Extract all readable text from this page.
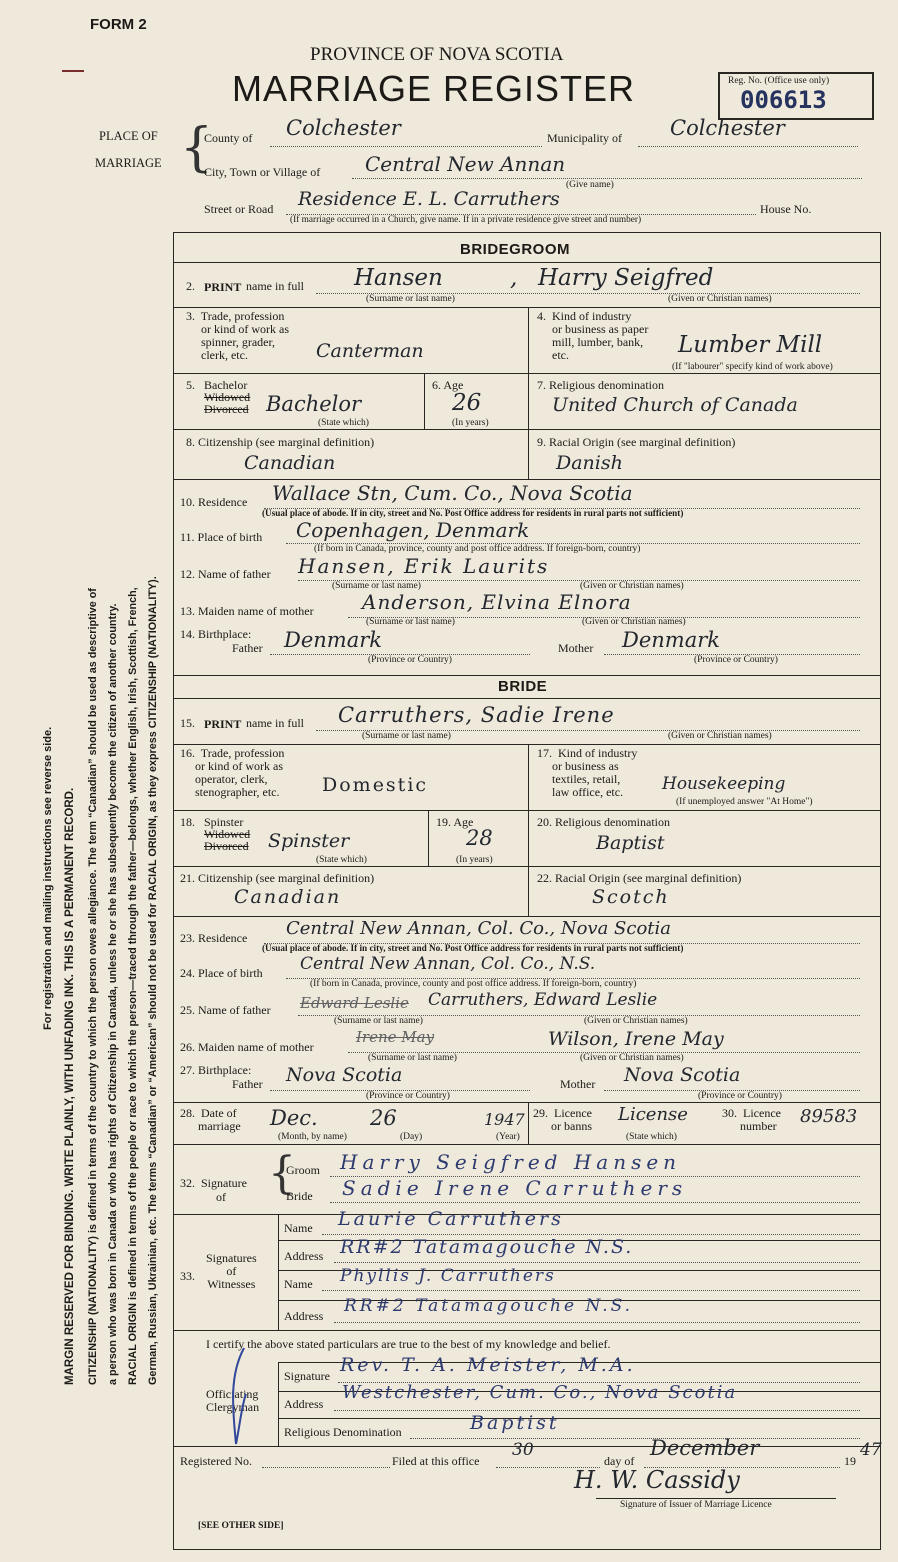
For registration and mailing instructions see reverse side. MARGIN RESERVED FOR BINDING. WRITE PLAINLY, WITH UNFADING INK. THIS IS A PERMANENT RECORD. CITIZENSHIP (NATIONALITY) is defined in terms of the country to which the person owes allegiance. The term “Canadian” should be used as descriptive of a person who was born in Canada or who has rights of Citizenship in Canada, unless he or she has subsequently become the citizen of another country. RACIAL ORIGIN is defined in terms of the people or race to which the person—traced through the father—belongs, whether English, Irish, Scottish, French, German, Russian, Ukrainian, etc. The terms “Canadian” or “American” should not be used for RACIAL ORIGIN, as they express CITIZENSHIP (NATIONALITY).
FORM 2
PROVINCE OF NOVA SCOTIA
MARRIAGE REGISTER	Reg. No. (Office use only)
006613
PLACE OF
MARRIAGE {
County of Colchester	Municipality of Colchester
City, Town or Village of Central New Annan
(Give name)
Street or Road Residence E. L. Carruthers	House No.
(If marriage occurred in a Church, give name. If in a private residence give street and number)
BRIDEGROOM
2. PRINT name in full Hansen	, Harry Seigfred
(Surname or last name)	(Given or Christian names)
3.  Trade, profession
or kind of work as
spinner, grader,
clerk, etc.	Canterman
4.  Kind of industry
or business as paper
mill, lumber, bank,
etc.	Lumber Mill
(If "labourer" specify kind of work above)
5. Bachelor
Widowed
Divorced Bachelor
(State which)
6. Age
26
(In years)
7. Religious denomination
United Church of Canada
8. Citizenship (see marginal definition)
Canadian
9. Racial Origin (see marginal definition)
Danish
10. Residence Wallace Stn, Cum. Co., Nova Scotia
(Usual place of abode. If in city, street and No. Post Office address for residents in rural parts not sufficient)
11. Place of birth Copenhagen, Denmark
(If born in Canada, province, county and post office address. If foreign-born, country)
12. Name of father Hansen, Erik Laurits
(Surname or last name)	(Given or Christian names)
13. Maiden name of mother Anderson, Elvina Elnora
(Surname or last name)	(Given or Christian names)
14. Birthplace:
Father Denmark
(Province or Country)
Mother Denmark
(Province or Country)
BRIDE
15. PRINT name in full Carruthers, Sadie Irene
(Surname or last name)	(Given or Christian names)
16.  Trade, profession
or kind of work as
operator, clerk,
stenographer, etc. Domestic
17.  Kind of industry
or business as
textiles, retail,
law office, etc.	Housekeeping
(If unemployed answer "At Home")
18. Spinster
Widowed
Divorced Spinster
(State which)
19. Age
28
(In years)
20. Religious denomination
Baptist
21. Citizenship (see marginal definition)
Canadian
22. Racial Origin (see marginal definition)
Scotch
23. Residence Central New Annan, Col. Co., Nova Scotia
(Usual place of abode. If in city, street and No. Post Office address for residents in rural parts not sufficient)
24. Place of birth Central New Annan, Col. Co., N.S.
(If born in Canada, province, county and post office address. If foreign-born, country)
25. Name of father Edward Leslie Carruthers, Edward Leslie
(Surname or last name)	(Given or Christian names)
26. Maiden name of mother
Irene May	Wilson, Irene May
(Surname or last name)	(Given or Christian names)
27. Birthplace:
Father Nova Scotia
(Province or Country)
Mother Nova Scotia
(Province or Country)
28.  Date of
marriage Dec. 26	1947
(Month, by name)	(Day)	(Year)
29.  Licence
or banns
License
(State which)
30.  Licence
number 89583
32.  Signature
of {
Groom Harry Seigfred Hansen
Bride Sadie Irene Carruthers
Signatures
of
Witnesses
33.
Name Laurie Carruthers
Address RR#2 Tatamagouche N.S.
Name Phyllis J. Carruthers
Address RR#2 Tatamagouche N.S.
I certify the above stated particulars are true to the best of my knowledge and belief.
Officiating
Clergyman
Signature Rev. T. A. Meister, M.A.
Address
Westchester, Cum. Co., Nova Scotia
Religious Denomination	Baptist
Registered No.	Filed at this office
30
day of
December
19
47
H. W. Cassidy
Signature of Issuer of Marriage Licence
[SEE OTHER SIDE]
